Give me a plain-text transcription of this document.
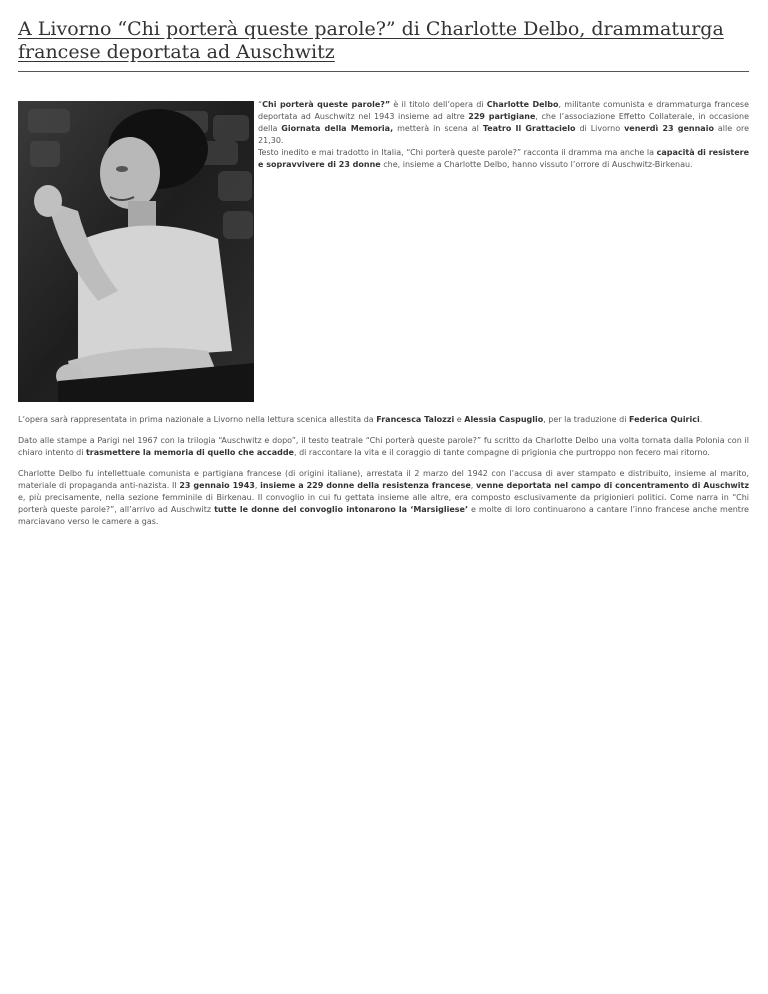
A Livorno “Chi porterà queste parole?” di Charlotte Delbo, drammaturga francese deportata ad Auschwitz

“Chi porterà queste parole?” è il titolo dell’opera di Charlotte Delbo, militante comunista e drammaturga francese deportata ad Auschwitz nel 1943 insieme ad altre 229 partigiane, che l’associazione Effetto Collaterale, in occasione della Giornata della Memoria, metterà in scena al Teatro Il Grattacielo di Livorno venerdì 23 gennaio alle ore 21,30.

Testo inedito e mai tradotto in Italia, “Chi porterà queste parole?” racconta il dramma ma anche la capacità di resistere e sopravvivere di 23 donne che, insieme a Charlotte Delbo, hanno vissuto l’orrore di Auschwitz-Birkenau.

L’opera sarà rappresentata in prima nazionale a Livorno nella lettura scenica allestita da Francesca Talozzi e Alessia Caspuglio, per la traduzione di Federica Quirici.

Dato alle stampe a Parigi nel 1967 con la trilogia “Auschwitz e dopo”, il testo teatrale “Chi porterà queste parole?” fu scritto da Charlotte Delbo una volta tornata dalla Polonia con il chiaro intento di trasmettere la memoria di quello che accadde, di raccontare la vita e il coraggio di tante compagne di prigionia che purtroppo non fecero mai ritorno.

Charlotte Delbo fu intellettuale comunista e partigiana francese (di origini italiane), arrestata il 2 marzo del 1942 con l’accusa di aver stampato e distribuito, insieme al marito, materiale di propaganda anti-nazista. Il 23 gennaio 1943, insieme a 229 donne della resistenza francese, venne deportata nel campo di concentramento di Auschwitz e, più precisamente, nella sezione femminile di Birkenau. Il convoglio in cui fu gettata insieme alle altre, era composto esclusivamente da prigionieri politici. Come narra in “Chi porterà queste parole?”, all’arrivo ad Auschwitz tutte le donne del convoglio intonarono la ‘Marsigliese’ e molte di loro continuarono a cantare l’inno francese anche mentre marciavano verso le camere a gas.
